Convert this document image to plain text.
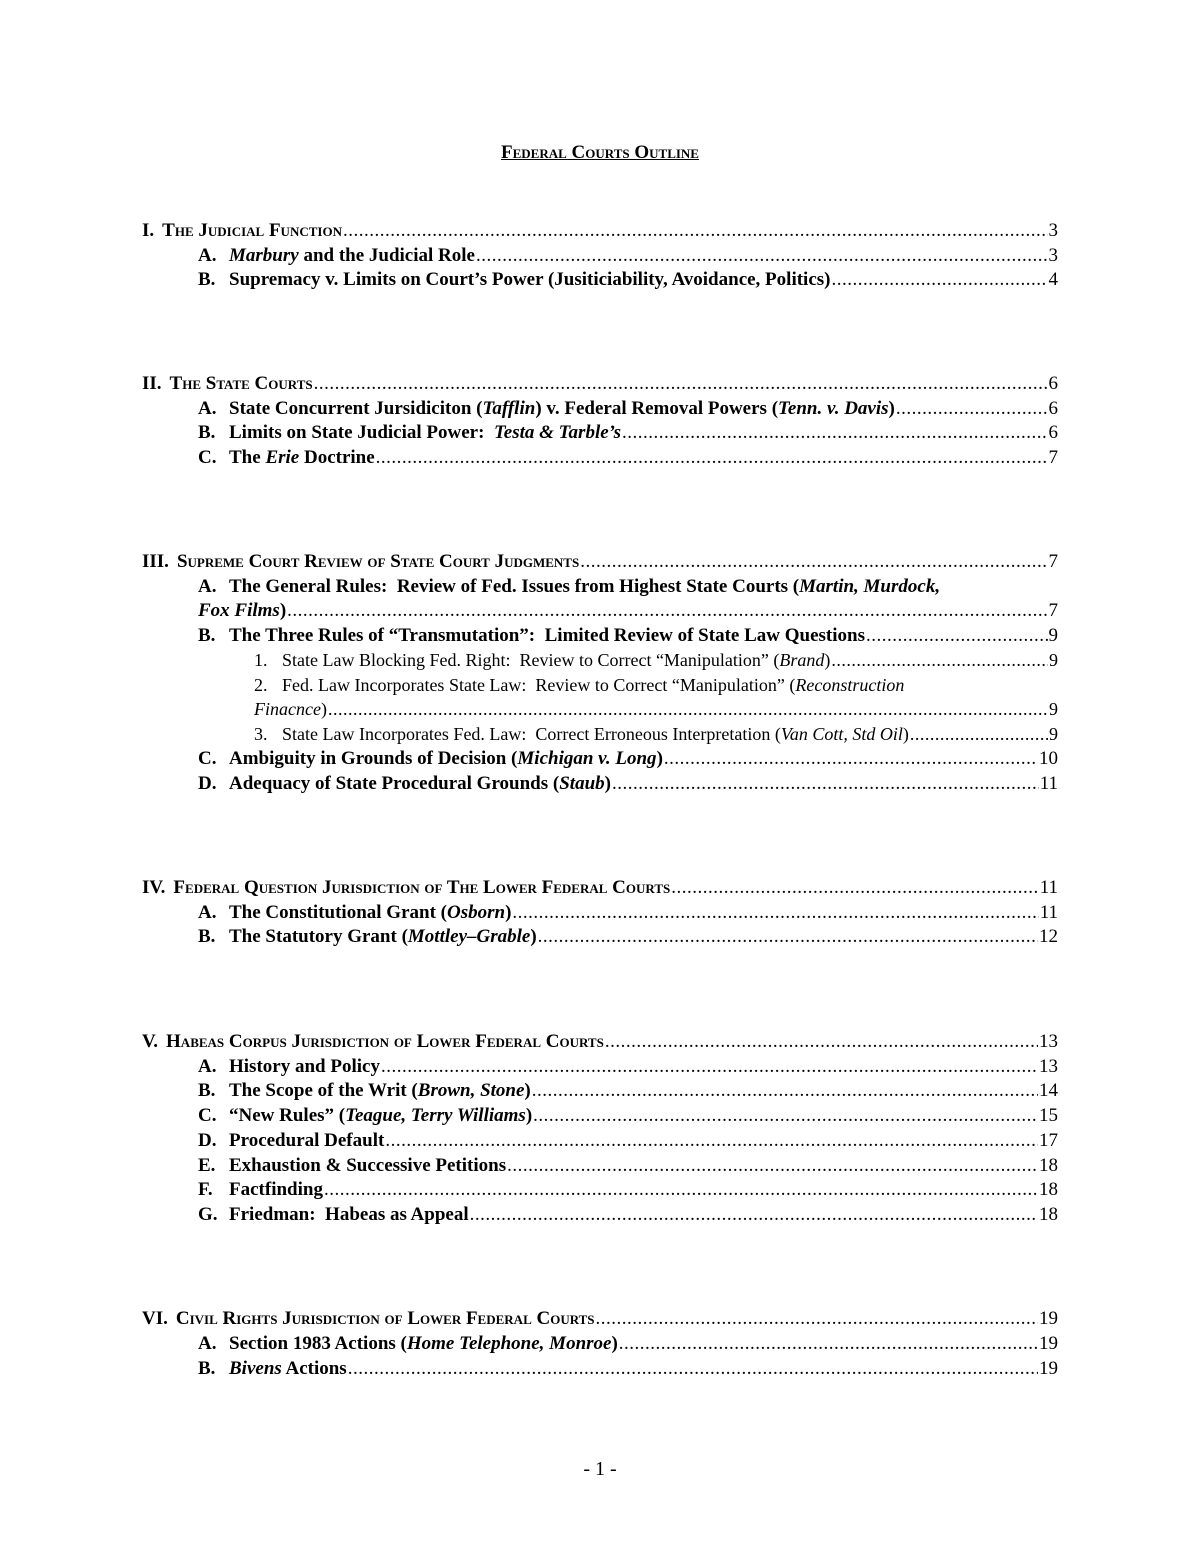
Federal Courts Outline
I. The Judicial Function .....	3
A. Marbury and the Judicial Role .....	3
B. Supremacy v. Limits on Court’s Power (Jusiticiability, Avoidance, Politics) .....	4
II. The State Courts .....	6
A. State Concurrent Jursidiciton (Tafflin) v. Federal Removal Powers (Tenn. v. Davis) .....	6
B. Limits on State Judicial Power:  Testa & Tarble’s .....	6
C. The Erie Doctrine .....	7
III. Supreme Court Review of State Court Judgments .....	7
A. The General Rules:  Review of Fed. Issues from Highest State Courts (Martin, Murdock,
Fox Films) .....	7
B. The Three Rules of “Transmutation”:  Limited Review of State Law Questions .....	9
1. State Law Blocking Fed. Right:  Review to Correct “Manipulation” (Brand) .....	9
2. Fed. Law Incorporates State Law:  Review to Correct “Manipulation” (Reconstruction
Finacnce) .....	9
3. State Law Incorporates Fed. Law:  Correct Erroneous Interpretation (Van Cott, Std Oil) .....	9
C. Ambiguity in Grounds of Decision (Michigan v. Long) .....	10
D. Adequacy of State Procedural Grounds (Staub) .....	11
IV. Federal Question Jurisdiction of The Lower Federal Courts .....	11
A. The Constitutional Grant (Osborn) .....	11
B. The Statutory Grant (Mottley–Grable) .....	12
V. Habeas Corpus Jurisdiction of Lower Federal Courts .....	13
A. History and Policy .....	13
B. The Scope of the Writ (Brown, Stone) .....	14
C. “New Rules” (Teague, Terry Williams) .....	15
D. Procedural Default .....	17
E. Exhaustion & Successive Petitions .....	18
F. Factfinding .....	18
G. Friedman:  Habeas as Appeal .....	18
VI. Civil Rights Jurisdiction of Lower Federal Courts .....	19
A. Section 1983 Actions (Home Telephone, Monroe) .....	19
B. Bivens Actions .....	19
- 1 -
